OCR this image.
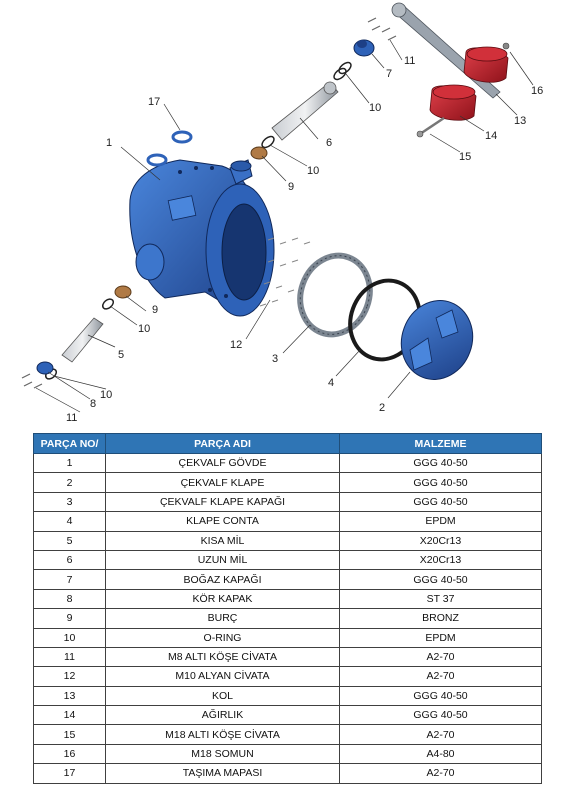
1
2
3
4
5
6
7
8
9
9
10
10
10
10
11
11
12
13
14
15
16
17
PARÇA NO/	PARÇA ADI	MALZEME
1	ÇEKVALF GÖVDE	GGG 40-50
2	ÇEKVALF KLAPE	GGG 40-50
3	ÇEKVALF KLAPE KAPAĞI	GGG 40-50
4	KLAPE CONTA	EPDM
5	KISA MİL	X20Cr13
6	UZUN MİL	X20Cr13
7	BOĞAZ KAPAĞI	GGG 40-50
8	KÖR KAPAK	ST 37
9	BURÇ	BRONZ
10	O-RING	EPDM
11	M8 ALTI KÖŞE CİVATA	A2-70
12	M10 ALYAN CİVATA	A2-70
13	KOL	GGG 40-50
14	AĞIRLIK	GGG 40-50
15	M18 ALTI KÖŞE CİVATA	A2-70
16	M18 SOMUN	A4-80
17	TAŞIMA MAPASI	A2-70
